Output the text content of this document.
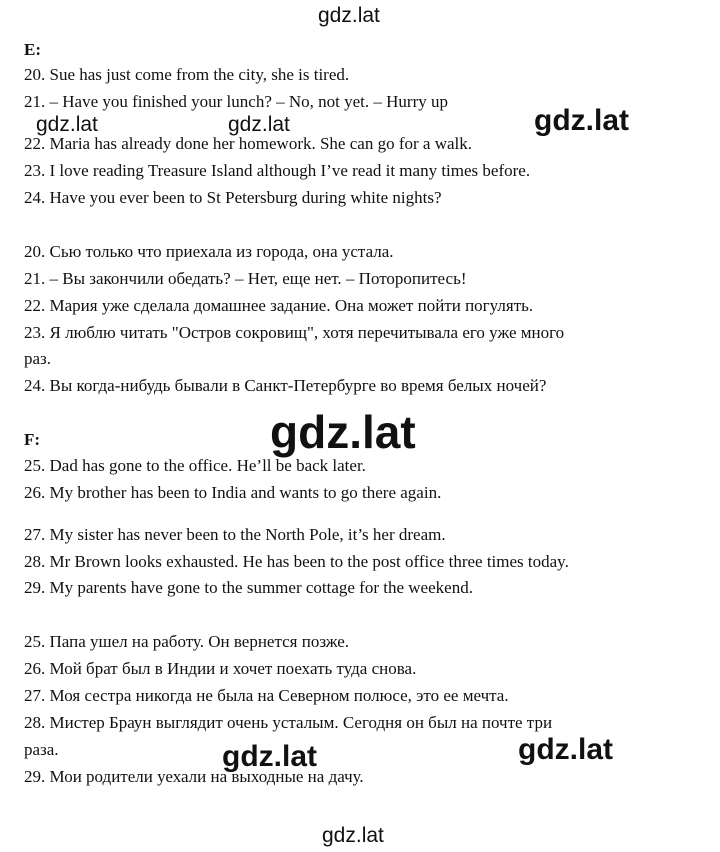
gdz.lat
E:
20. Sue has just come from the city, she is tired.
21. – Have you finished your lunch? – No, not yet. – Hurry up
22. Maria has already done her homework. She can go for a walk.
23. I love reading Treasure Island although I’ve read it many times before.
24. Have you ever been to St Petersburg during white nights?
gdz.lat	gdz.lat	gdz.lat
20. Сью только что приехала из города, она устала.
21. – Вы закончили обедать? – Нет, еще нет. – Поторопитесь!
22. Мария уже сделала домашнее задание. Она может пойти погулять.
23. Я люблю читать "Остров сокровищ", хотя перечитывала его уже много
раз.
24. Вы когда-нибудь бывали в Санкт-Петербурге во время белых ночей?
F:	gdz.lat
25. Dad has gone to the office. He’ll be back later.
26. My brother has been to India and wants to go there again.
27. My sister has never been to the North Pole, it’s her dream.
28. Mr Brown looks exhausted. He has been to the post office three times today.
29. My parents have gone to the summer cottage for the weekend.
25. Папа ушел на работу. Он вернется позже.
26. Мой брат был в Индии и хочет поехать туда снова.
27. Моя сестра никогда не была на Северном полюсе, это ее мечта.
28. Мистер Браун выглядит очень усталым. Сегодня он был на почте три
раза.
29. Мои родители уехали на выходные на дачу.
gdz.lat	gdz.lat
gdz.lat
